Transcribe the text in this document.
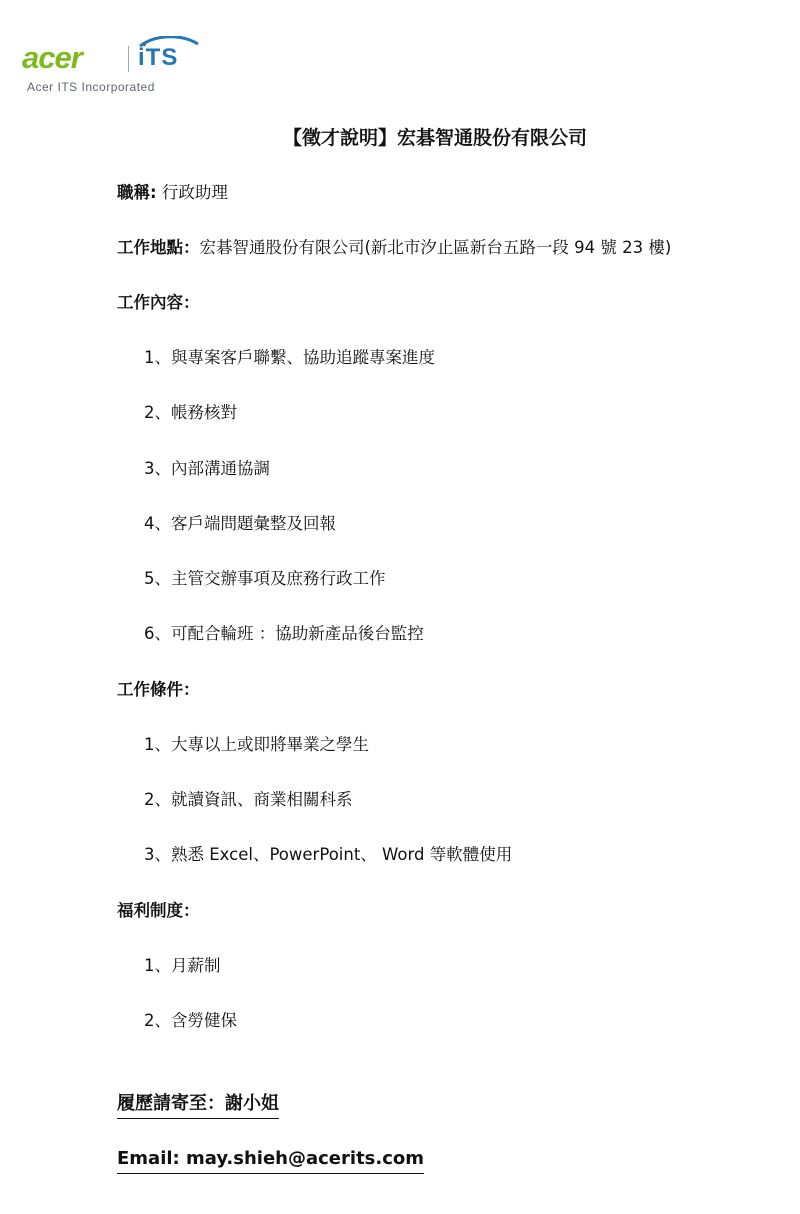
acer iTS
Acer ITS Incorporated
【徵才說明】宏碁智通股份有限公司
職稱: 行政助理
工作地點：宏碁智通股份有限公司(新北市汐止區新台五路一段 94 號 23 樓)
工作內容：
1、與專案客戶聯繫、協助追蹤專案進度
2、帳務核對
3、內部溝通協調
4、客戶端問題彙整及回報
5、主管交辦事項及庶務行政工作
6、可配合輪班 ：協助新產品後台監控
工作條件：
1、大專以上或即將畢業之學生
2、就讀資訊、商業相關科系
3、熟悉 Excel、PowerPoint、 Word 等軟體使用
福利制度：
1、月薪制
2、含勞健保
履歷請寄至：謝小姐
Email: may.shieh@acerits.com
